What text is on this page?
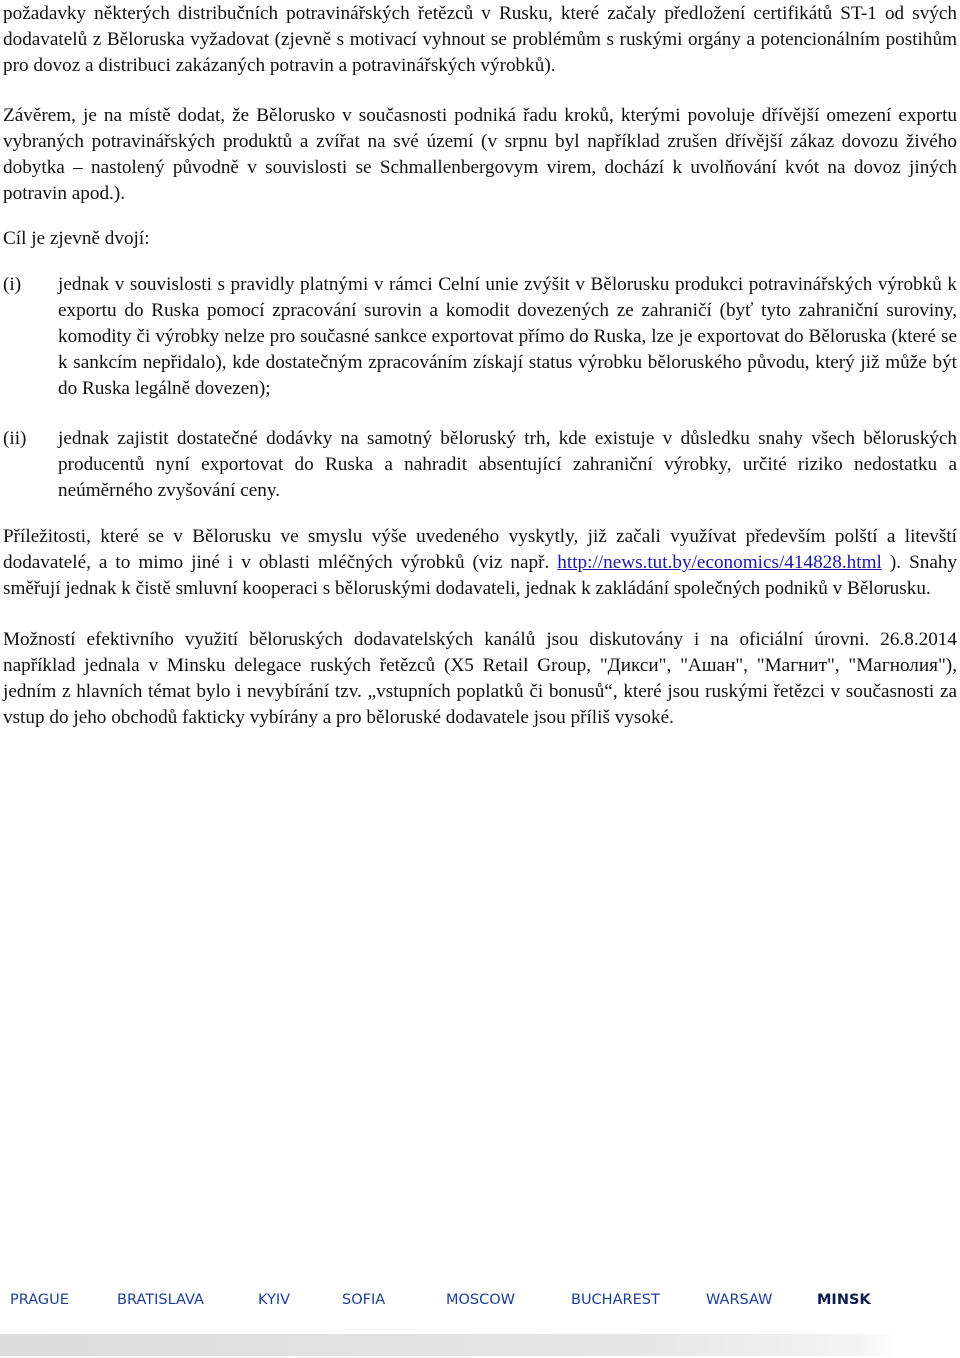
požadavky některých distribučních potravinářských řetězců v Rusku, které začaly předložení certifikátů ST-1 od svých dodavatelů z Běloruska vyžadovat (zjevně s motivací vyhnout se problémům s ruskými orgány a potencionálním postihům pro dovoz a distribuci zakázaných potravin a potravinářských výrobků).

Závěrem, je na místě dodat, že Bělorusko v současnosti podniká řadu kroků, kterými povoluje dřívější omezení exportu vybraných potravinářských produktů a zvířat na své území (v srpnu byl například zrušen dřívější zákaz dovozu živého dobytka – nastolený původně v souvislosti se Schmallenbergovym virem, dochází k uvolňování kvót na dovoz jiných potravin apod.).

Cíl je zjevně dvojí:

(i)	jednak v souvislosti s pravidly platnými v rámci Celní unie zvýšit v Bělorusku produkci potravinářských výrobků k exportu do Ruska pomocí zpracování surovin a komodit dovezených ze zahraničí (byť tyto zahraniční suroviny, komodity či výrobky nelze pro současné sankce exportovat přímo do Ruska, lze je exportovat do Běloruska (které se k sankcím nepřidalo), kde dostatečným zpracováním získají status výrobku běloruského původu, který již může být do Ruska legálně dovezen);
(ii)	jednak zajistit dostatečné dodávky na samotný běloruský trh, kde existuje v důsledku snahy všech běloruských producentů nyní exportovat do Ruska a nahradit absentující zahraniční výrobky, určité riziko nedostatku a neúměrného zvyšování ceny.

Příležitosti, které se v Bělorusku ve smyslu výše uvedeného vyskytly, již začali využívat především polští a litevští dodavatelé, a to mimo jiné i v oblasti mléčných výrobků (viz např. http://news.tut.by/economics/414828.html ). Snahy směřují jednak k čistě smluvní kooperaci s běloruskými dodavateli, jednak k zakládání společných podniků v Bělorusku.

Možností efektivního využití běloruských dodavatelských kanálů jsou diskutovány i na oficiální úrovni. 26.8.2014 například jednala v Minsku delegace ruských řetězců (X5 Retail Group, "Дикси", "Ашан", "Магнит", "Магнолия"), jedním z hlavních témat bylo i nevybírání tzv. „vstupních poplatků či bonusů“, které jsou ruskými řetězci v současnosti za vstup do jeho obchodů fakticky vybírány a pro běloruské dodavatele jsou příliš vysoké.

PRAGUE	BRATISLAVA	KYIV	SOFIA	MOSCOW	BUCHAREST	WARSAW	MINSK
